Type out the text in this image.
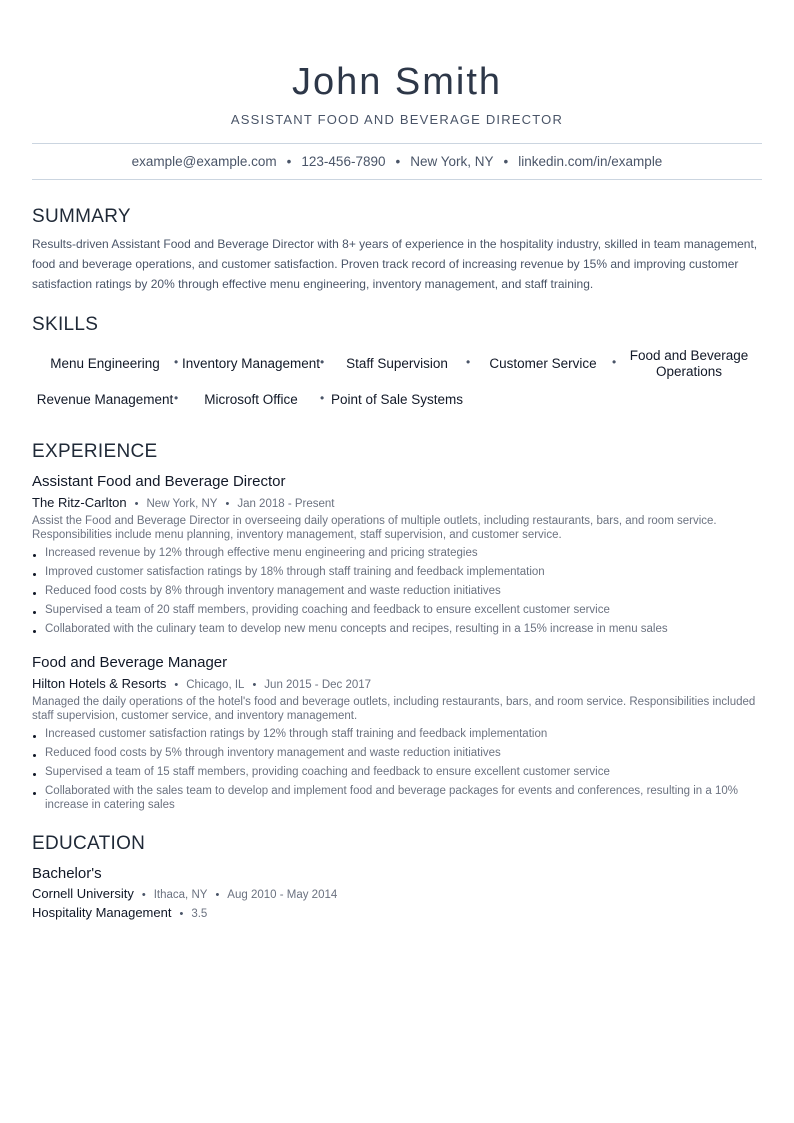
John Smith
ASSISTANT FOOD AND BEVERAGE DIRECTOR
example@example.com • 123-456-7890 • New York, NY • linkedin.com/in/example
SUMMARY
Results-driven Assistant Food and Beverage Director with 8+ years of experience in the hospitality industry, skilled in team management, food and beverage operations, and customer satisfaction. Proven track record of increasing revenue by 15% and improving customer satisfaction ratings by 20% through effective menu engineering, inventory management, and staff training.
SKILLS
Menu Engineering	Inventory Management	Staff Supervision	Customer Service
Food and Beverage Operations
Revenue Management	Microsoft Office	Point of Sale Systems
EXPERIENCE
Assistant Food and Beverage Director
The Ritz-Carlton • New York, NY • Jan 2018 - Present
Assist the Food and Beverage Director in overseeing daily operations of multiple outlets, including restaurants, bars, and room service. Responsibilities include menu planning, inventory management, staff supervision, and customer service.
Increased revenue by 12% through effective menu engineering and pricing strategies
Improved customer satisfaction ratings by 18% through staff training and feedback implementation
Reduced food costs by 8% through inventory management and waste reduction initiatives
Supervised a team of 20 staff members, providing coaching and feedback to ensure excellent customer service
Collaborated with the culinary team to develop new menu concepts and recipes, resulting in a 15% increase in menu sales
Food and Beverage Manager
Hilton Hotels & Resorts • Chicago, IL • Jun 2015 - Dec 2017
Managed the daily operations of the hotel's food and beverage outlets, including restaurants, bars, and room service. Responsibilities included staff supervision, customer service, and inventory management.
Increased customer satisfaction ratings by 12% through staff training and feedback implementation
Reduced food costs by 5% through inventory management and waste reduction initiatives
Supervised a team of 15 staff members, providing coaching and feedback to ensure excellent customer service
Collaborated with the sales team to develop and implement food and beverage packages for events and conferences, resulting in a 10% increase in catering sales
EDUCATION
Bachelor's
Cornell University • Ithaca, NY • Aug 2010 - May 2014
Hospitality Management • 3.5
